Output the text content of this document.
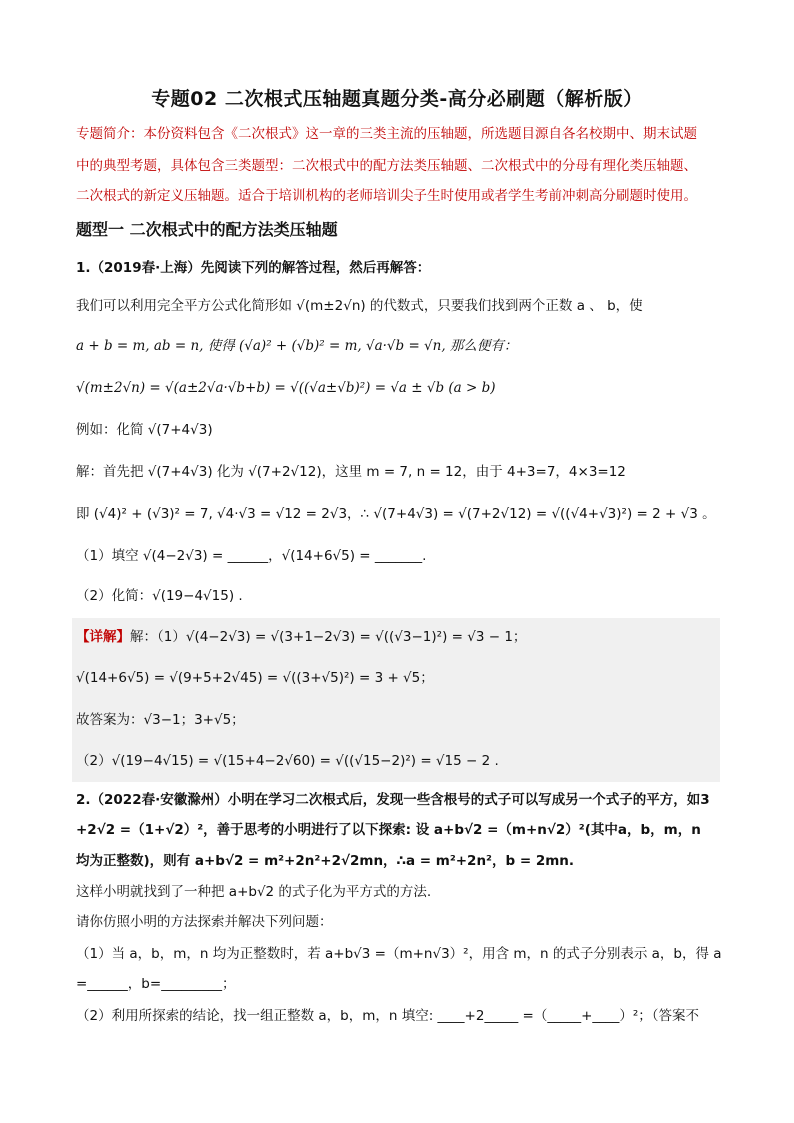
专题02 二次根式压轴题真题分类-高分必刷题（解析版）
专题简介：本份资料包含《二次根式》这一章的三类主流的压轴题，所选题目源自各名校期中、期末试题
中的典型考题，具体包含三类题型：二次根式中的配方法类压轴题、二次根式中的分母有理化类压轴题、
二次根式的新定义压轴题。适合于培训机构的老师培训尖子生时使用或者学生考前冲刺高分刷题时使用。
题型一 二次根式中的配方法类压轴题
1.（2019春·上海）先阅读下列的解答过程，然后再解答：
我们可以利用完全平方公式化简形如 √(m±2√n) 的代数式，只要我们找到两个正数 a 、 b，使
a + b = m, ab = n, 使得 (√a)² + (√b)² = m, √a·√b = √n, 那么便有：
√(m±2√n) = √(a±2√a·√b+b) = √((√a±√b)²) = √a ± √b (a > b)
例如：化简 √(7+4√3)
解：首先把 √(7+4√3) 化为 √(7+2√12)，这里 m = 7, n = 12，由于 4+3=7，4×3=12
即 (√4)² + (√3)² = 7, √4·√3 = √12 = 2√3，∴ √(7+4√3) = √(7+2√12) = √((√4+√3)²) = 2 + √3 。
（1）填空 √(4−2√3) = ______，√(14+6√5) = _______.
（2）化简：√(19−4√15) .
【详解】解：（1）√(4−2√3) = √(3+1−2√3) = √((√3−1)²) = √3 − 1；
√(14+6√5) = √(9+5+2√45) = √((3+√5)²) = 3 + √5；
故答案为：√3−1；3+√5；
（2）√(19−4√15) = √(15+4−2√60) = √((√15−2)²) = √15 − 2 .
2.（2022春·安徽滁州）小明在学习二次根式后，发现一些含根号的式子可以写成另一个式子的平方，如3
+2√2 =（1+√2）²，善于思考的小明进行了以下探索: 设 a+b√2 =（m+n√2）²(其中a，b，m，n
均为正整数)，则有 a+b√2 = m²+2n²+2√2mn，∴a = m²+2n²，b = 2mn.
这样小明就找到了一种把 a+b√2 的式子化为平方式的方法.
请你仿照小明的方法探索并解决下列问题：
（1）当 a，b，m，n 均为正整数时，若 a+b√3 =（m+n√3）²，用含 m，n 的式子分别表示 a，b，得 a
=______，b=_________；
（2）利用所探索的结论，找一组正整数 a，b，m，n 填空: ____+2_____ =（_____+____）²；（答案不
